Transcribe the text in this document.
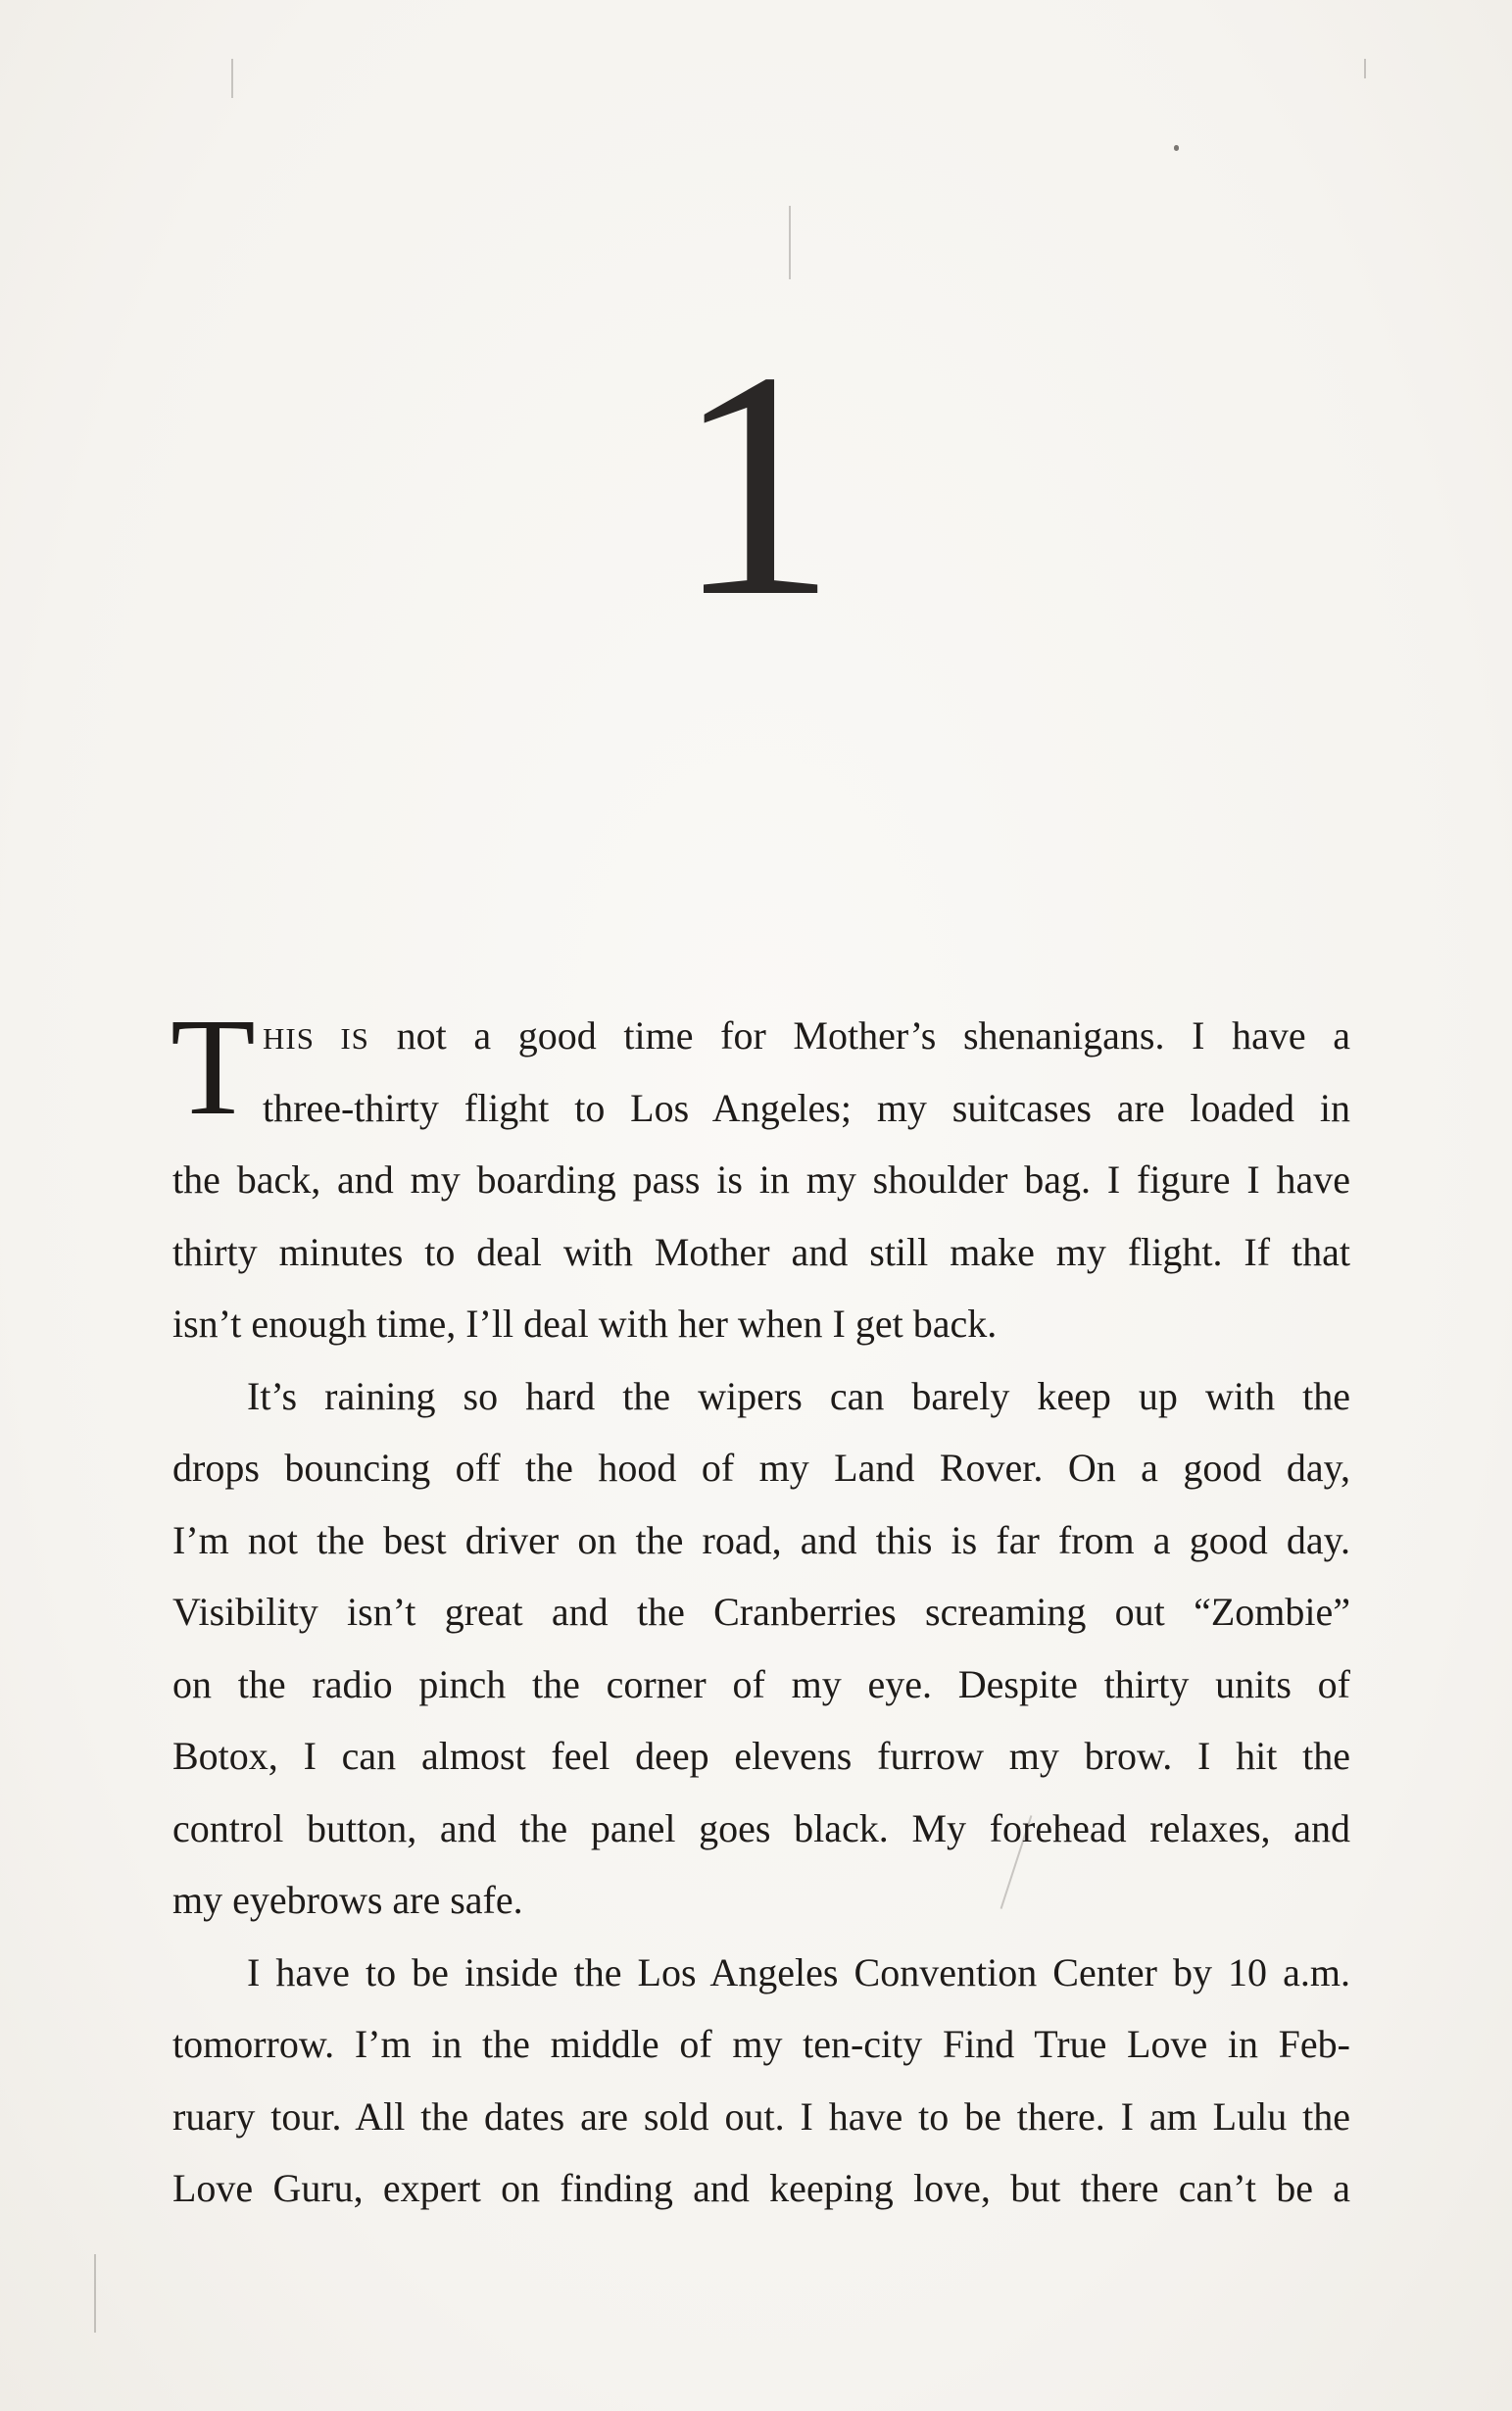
1
T HIS IS not a good time for Mother’s shenanigans. I have a
three-thirty flight to Los Angeles; my suitcases are loaded in
the back, and my boarding pass is in my shoulder bag. I figure I have
thirty minutes to deal with Mother and still make my flight. If that
isn’t enough time, I’ll deal with her when I get back.
It’s raining so hard the wipers can barely keep up with the
drops bouncing off the hood of my Land Rover. On a good day,
I’m not the best driver on the road, and this is far from a good day.
Visibility isn’t great and the Cranberries screaming out “Zombie”
on the radio pinch the corner of my eye. Despite thirty units of
Botox, I can almost feel deep elevens furrow my brow. I hit the
control button, and the panel goes black. My forehead relaxes, and
my eyebrows are safe.
I have to be inside the Los Angeles Convention Center by 10 a.m.
tomorrow. I’m in the middle of my ten-city Find True Love in Feb-
ruary tour. All the dates are sold out. I have to be there. I am Lulu the
Love Guru, expert on finding and keeping love, but there can’t be a
